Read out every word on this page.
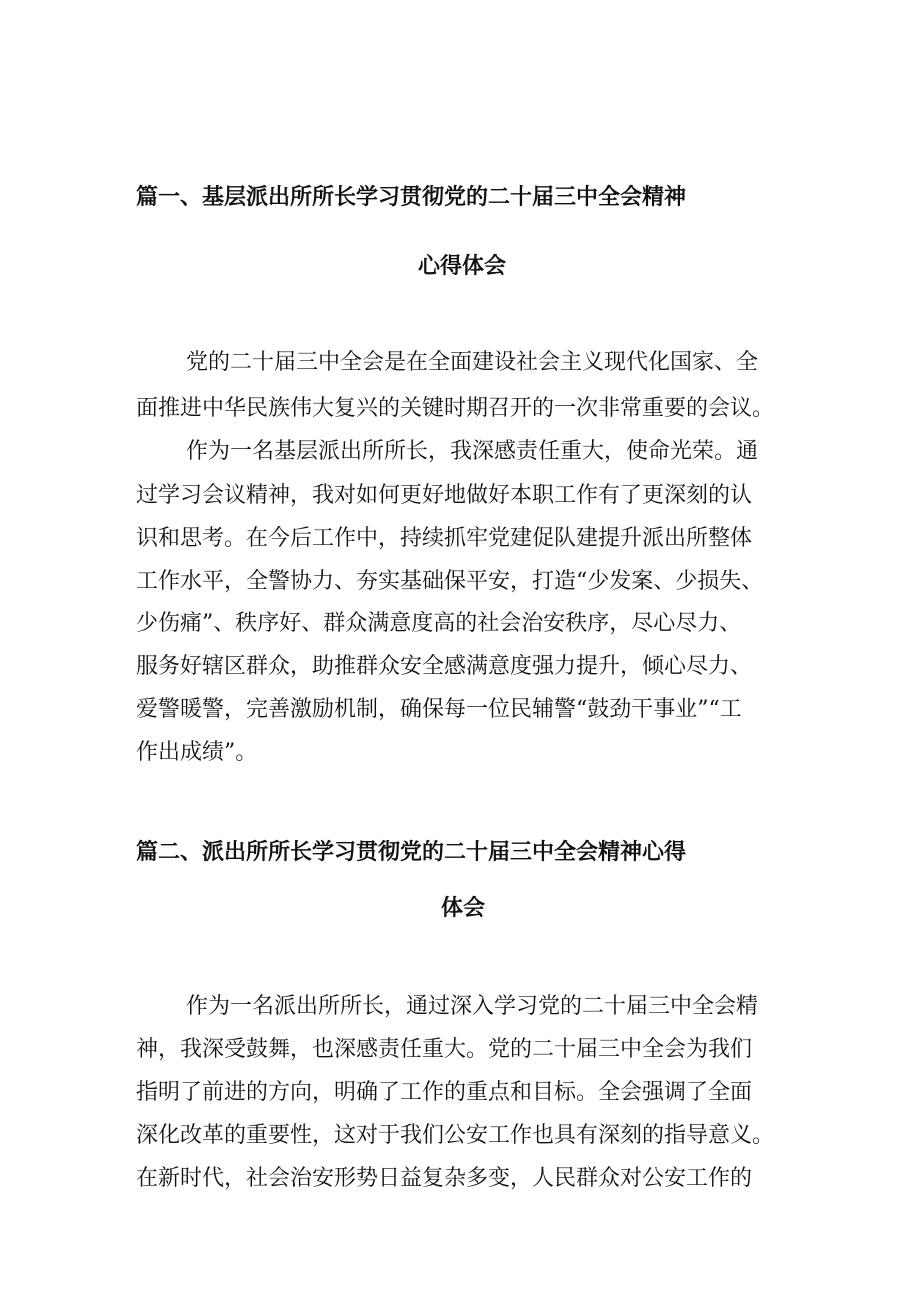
篇一、基层派出所所长学习贯彻党的二十届三中全会精神
心得体会
党的二十届三中全会是在全面建设社会主义现代化国家、全
面推进中华民族伟大复兴的关键时期召开的一次非常重要的会议。
作为一名基层派出所所长，我深感责任重大，使命光荣。通
过学习会议精神，我对如何更好地做好本职工作有了更深刻的认
识和思考。在今后工作中，持续抓牢党建促队建提升派出所整体
工作水平，全警协力、夯实基础保平安，打造“少发案、少损失、
少伤痛”、秩序好、群众满意度高的社会治安秩序，尽心尽力、
服务好辖区群众，助推群众安全感满意度强力提升，倾心尽力、
爱警暖警，完善激励机制，确保每一位民辅警“鼓劲干事业”“工
作出成绩”。
篇二、派出所所长学习贯彻党的二十届三中全会精神心得
体会
作为一名派出所所长，通过深入学习党的二十届三中全会精
神，我深受鼓舞，也深感责任重大。党的二十届三中全会为我们
指明了前进的方向，明确了工作的重点和目标。全会强调了全面
深化改革的重要性，这对于我们公安工作也具有深刻的指导意义。
在新时代，社会治安形势日益复杂多变，人民群众对公安工作的
